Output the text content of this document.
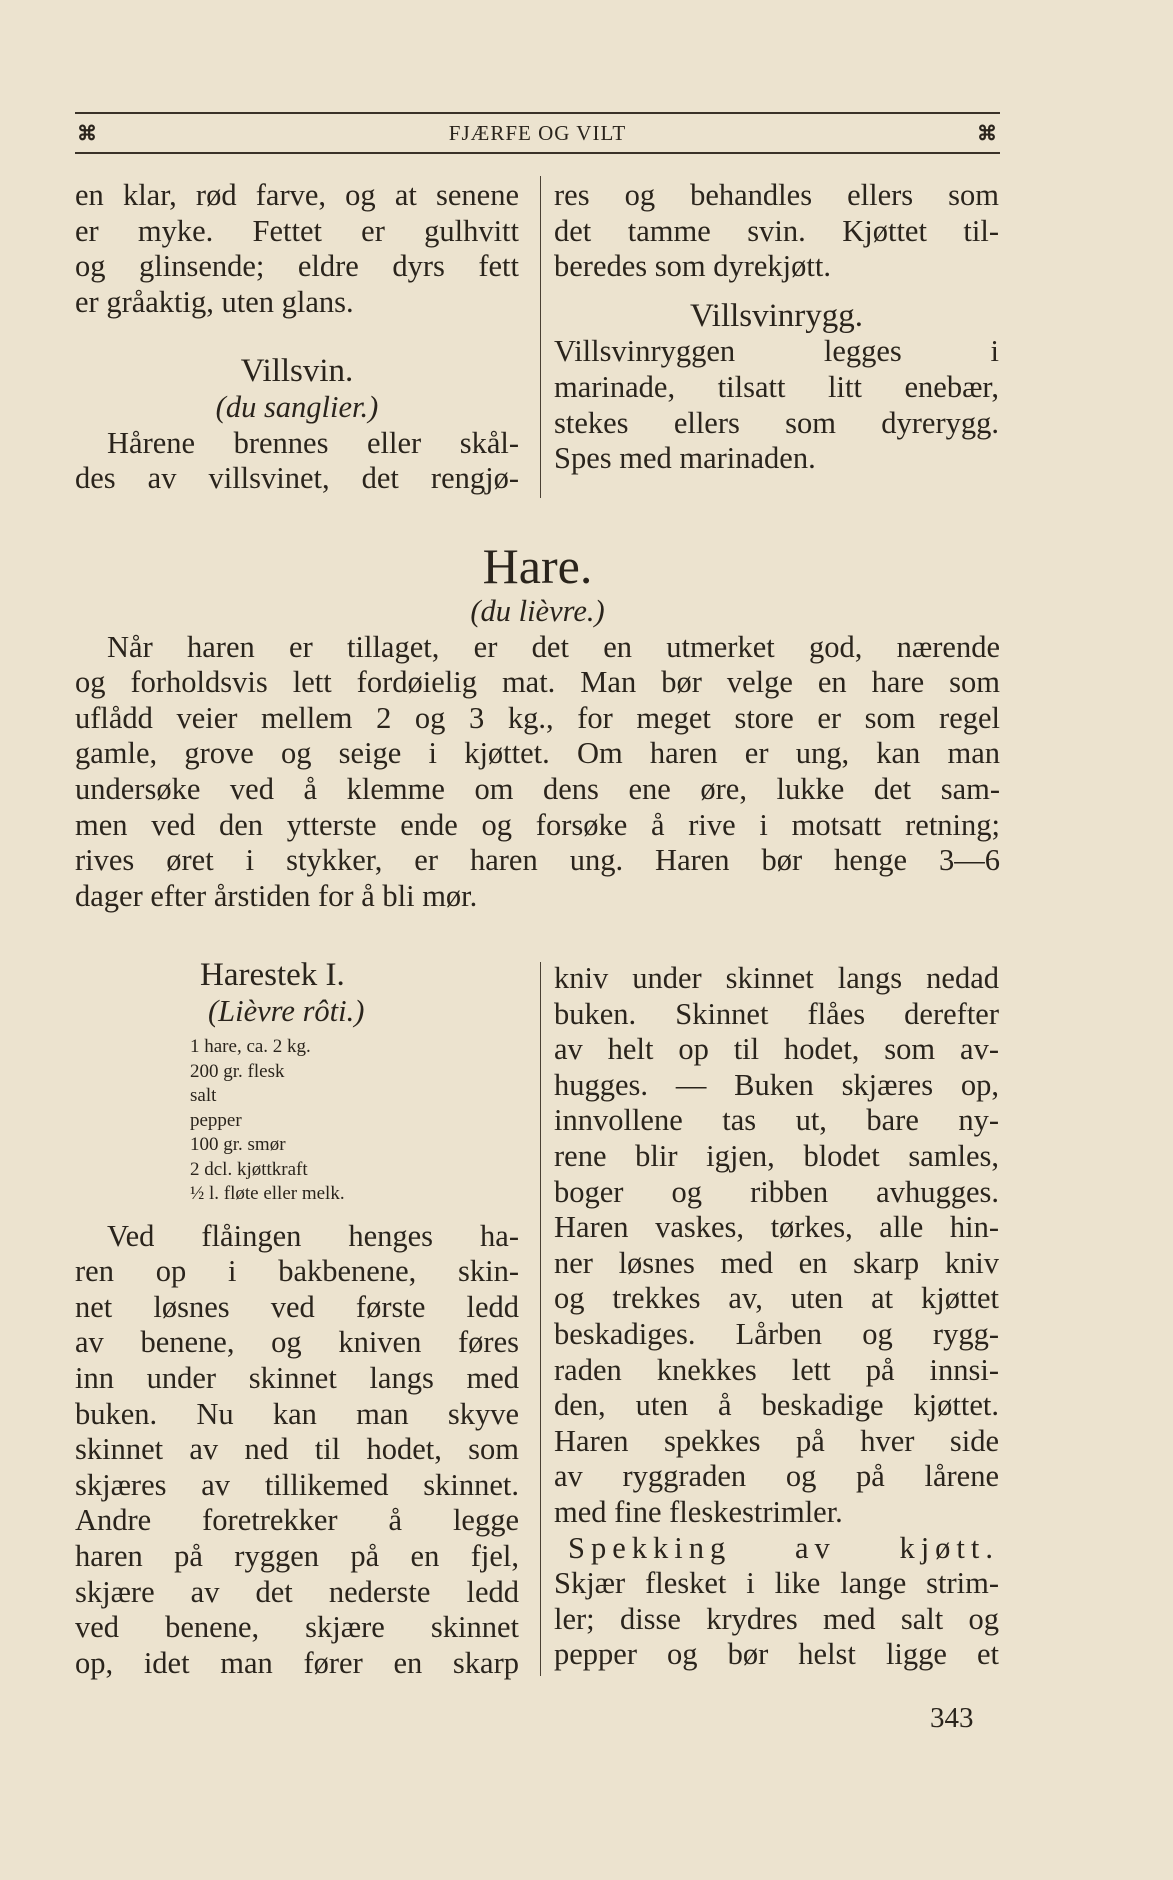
⌘	FJÆRFE OG VILT	⌘

en klar, rød farve, og at senene

er myke. Fettet er gulhvitt

og glinsende; eldre dyrs fett

er gråaktig, uten glans.

Villsvin.

(du sanglier.)

Hårene brennes eller skål-

des av villsvinet, det rengjø-

res og behandles ellers som

det tamme svin. Kjøttet til-

beredes som dyrekjøtt.

Villsvinrygg.

Villsvinryggen legges i

marinade, tilsatt litt enebær,

stekes ellers som dyrerygg.

Spes med marinaden.

Hare.

(du lièvre.)

Når haren er tillaget, er det en utmerket god, nærende

og forholdsvis lett fordøielig mat. Man bør velge en hare som

uflådd veier mellem 2 og 3 kg., for meget store er som regel

gamle, grove og seige i kjøttet. Om haren er ung, kan man

undersøke ved å klemme om dens ene øre, lukke det sam-

men ved den ytterste ende og forsøke å rive i motsatt retning;

rives øret i stykker, er haren ung. Haren bør henge 3—6

dager efter årstiden for å bli mør.

Harestek I.

(Lièvre rôti.)

1 hare, ca. 2 kg.

200 gr. flesk

salt

pepper

100 gr. smør

2 dcl. kjøttkraft

½ l. fløte eller melk.

Ved flåingen henges ha-

ren op i bakbenene, skin-

net løsnes ved første ledd

av benene, og kniven føres

inn under skinnet langs med

buken. Nu kan man skyve

skinnet av ned til hodet, som

skjæres av tillikemed skinnet.

Andre foretrekker å legge

haren på ryggen på en fjel,

skjære av det nederste ledd

ved benene, skjære skinnet

op, idet man fører en skarp

kniv under skinnet langs nedad

buken. Skinnet flåes derefter

av helt op til hodet, som av-

hugges. — Buken skjæres op,

innvollene tas ut, bare ny-

rene blir igjen, blodet samles,

boger og ribben avhugges.

Haren vaskes, tørkes, alle hin-

ner løsnes med en skarp kniv

og trekkes av, uten at kjøttet

beskadiges. Lårben og rygg-

raden knekkes lett på innsi-

den, uten å beskadige kjøttet.

Haren spekkes på hver side

av ryggraden og på lårene

med fine fleskestrimler.

Spekking av kjøtt.

Skjær flesket i like lange strim-

ler; disse krydres med salt og

pepper og bør helst ligge et

343
